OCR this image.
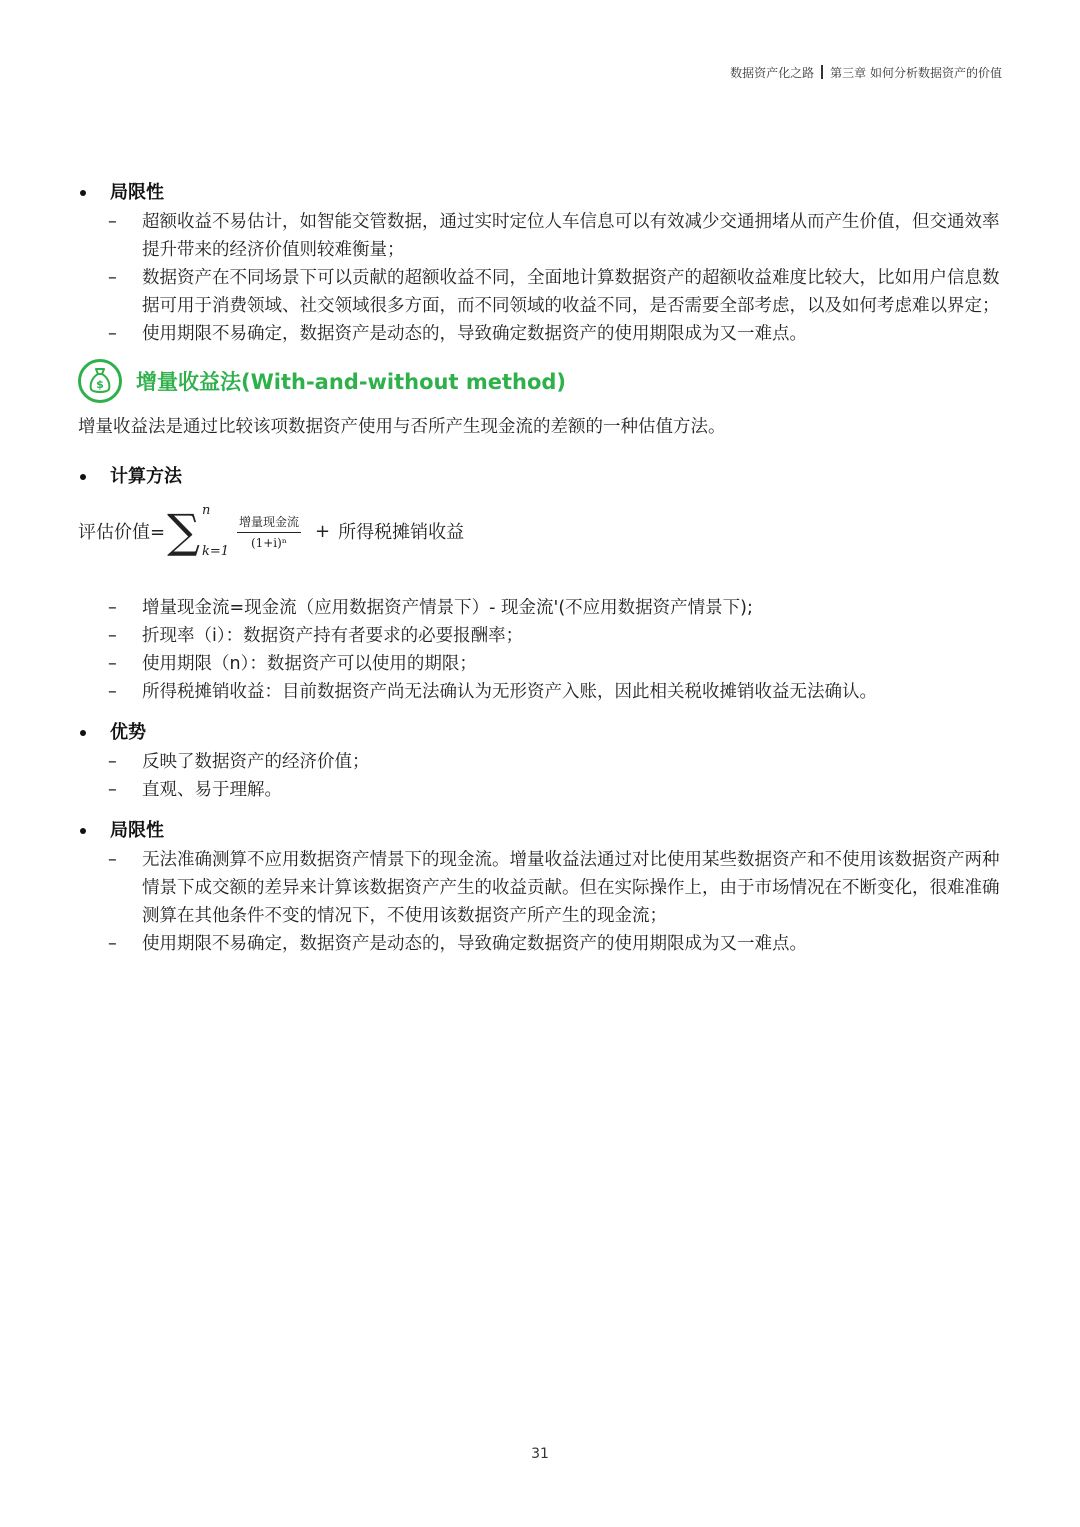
数据资产化之路 第三章 如何分析数据资产的价值

局限性

– 超额收益不易估计，如智能交管数据，通过实时定位人车信息可以有效减少交通拥堵从而产生价值，但交通效率提升带来的经济价值则较难衡量；
– 数据资产在不同场景下可以贡献的超额收益不同，全面地计算数据资产的超额收益难度比较大，比如用户信息数据可用于消费领域、社交领域很多方面，而不同领域的收益不同，是否需要全部考虑，以及如何考虑难以界定；
– 使用期限不易确定，数据资产是动态的，导致确定数据资产的使用期限成为又一难点。
$ 增量收益法(With-and-without method)

增量收益法是通过比较该项数据资产使用与否所产生现金流的差额的一种估值方法。

计算方法

评估价值= ∑ n
k=1
$\frac{\text{增量现金流}}{\text{(1+i)ⁿ}}$ + 所得税摊销收益
– 增量现金流=现金流（应用数据资产情景下）- 现金流'(不应用数据资产情景下);
– 折现率（i）：数据资产持有者要求的必要报酬率；
– 使用期限（n）：数据资产可以使用的期限；
– 所得税摊销收益：目前数据资产尚无法确认为无形资产入账，因此相关税收摊销收益无法确认。

优势

– 反映了数据资产的经济价值；
– 直观、易于理解。

局限性

– 无法准确测算不应用数据资产情景下的现金流。增量收益法通过对比使用某些数据资产和不使用该数据资产两种情景下成交额的差异来计算该数据资产产生的收益贡献。但在实际操作上，由于市场情况在不断变化，很难准确测算在其他条件不变的情况下，不使用该数据资产所产生的现金流；
– 使用期限不易确定，数据资产是动态的，导致确定数据资产的使用期限成为又一难点。
31
